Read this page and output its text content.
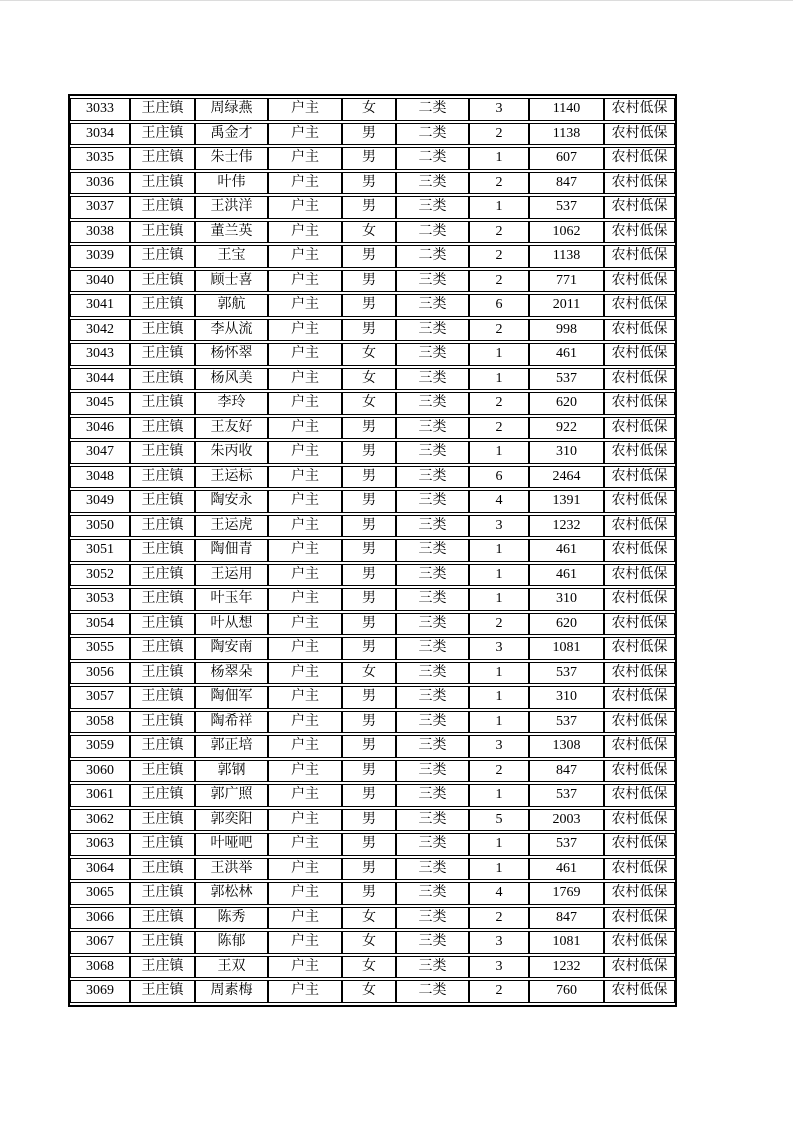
3033	王庄镇	周绿燕	户主	女	二类	3	1140	农村低保
3034	王庄镇	禹金才	户主	男	二类	2	1138	农村低保
3035	王庄镇	朱士伟	户主	男	二类	1	607	农村低保
3036	王庄镇	叶伟	户主	男	三类	2	847	农村低保
3037	王庄镇	王洪洋	户主	男	三类	1	537	农村低保
3038	王庄镇	董兰英	户主	女	二类	2	1062	农村低保
3039	王庄镇	王宝	户主	男	二类	2	1138	农村低保
3040	王庄镇	顾士喜	户主	男	三类	2	771	农村低保
3041	王庄镇	郭航	户主	男	三类	6	2011	农村低保
3042	王庄镇	李从流	户主	男	三类	2	998	农村低保
3043	王庄镇	杨怀翠	户主	女	三类	1	461	农村低保
3044	王庄镇	杨风美	户主	女	三类	1	537	农村低保
3045	王庄镇	李玲	户主	女	三类	2	620	农村低保
3046	王庄镇	王友好	户主	男	三类	2	922	农村低保
3047	王庄镇	朱丙收	户主	男	三类	1	310	农村低保
3048	王庄镇	王运标	户主	男	三类	6	2464	农村低保
3049	王庄镇	陶安永	户主	男	三类	4	1391	农村低保
3050	王庄镇	王运虎	户主	男	三类	3	1232	农村低保
3051	王庄镇	陶佃青	户主	男	三类	1	461	农村低保
3052	王庄镇	王运用	户主	男	三类	1	461	农村低保
3053	王庄镇	叶玉年	户主	男	三类	1	310	农村低保
3054	王庄镇	叶从想	户主	男	三类	2	620	农村低保
3055	王庄镇	陶安南	户主	男	三类	3	1081	农村低保
3056	王庄镇	杨翠朵	户主	女	三类	1	537	农村低保
3057	王庄镇	陶佃军	户主	男	三类	1	310	农村低保
3058	王庄镇	陶希祥	户主	男	三类	1	537	农村低保
3059	王庄镇	郭正培	户主	男	三类	3	1308	农村低保
3060	王庄镇	郭钢	户主	男	三类	2	847	农村低保
3061	王庄镇	郭广照	户主	男	三类	1	537	农村低保
3062	王庄镇	郭奕阳	户主	男	三类	5	2003	农村低保
3063	王庄镇	叶哑吧	户主	男	三类	1	537	农村低保
3064	王庄镇	王洪举	户主	男	三类	1	461	农村低保
3065	王庄镇	郭松林	户主	男	三类	4	1769	农村低保
3066	王庄镇	陈秀	户主	女	三类	2	847	农村低保
3067	王庄镇	陈郁	户主	女	三类	3	1081	农村低保
3068	王庄镇	王双	户主	女	三类	3	1232	农村低保
3069	王庄镇	周素梅	户主	女	二类	2	760	农村低保
